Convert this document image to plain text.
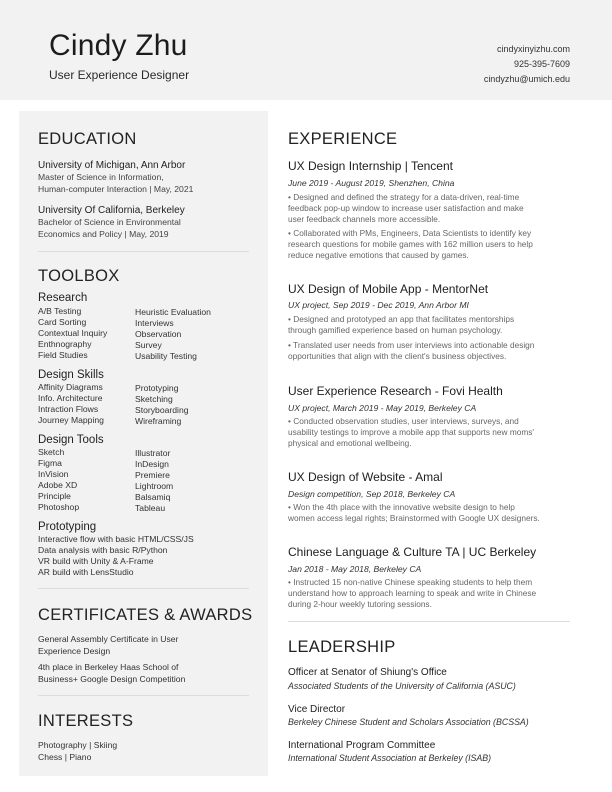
Cindy Zhu
User Experience Designer
cindyxinyizhu.com
925-395-7609
cindyzhu@umich.edu
EDUCATION
University of Michigan, Ann Arbor
Master of Science in Information,
Human-computer Interaction | May, 2021
University Of California, Berkeley
Bachelor of Science in Environmental
Economics and Policy | May, 2019
TOOLBOX
Research
A/B Testing
Card Sorting
Contextual Inquiry
Enthnography
Field Studies
Heuristic Evaluation
Interviews
Observation
Survey
Usability Testing
Design Skills
Affinity Diagrams
Info. Architecture
Intraction Flows
Journey Mapping
Prototyping
Sketching
Storyboarding
Wireframing
Design Tools
Sketch
Figma
InVision
Adobe XD
Principle
Photoshop
Illustrator
InDesign
Premiere
Lightroom
Balsamiq
Tableau
Prototyping
Interactive flow with basic HTML/CSS/JS
Data analysis with basic R/Python
VR build with Unity & A-Frame
AR build with LensStudio
CERTIFICATES & AWARDS
General Assembly Certificate in User
Experience Design
4th place in Berkeley Haas School of
Business+ Google Design Competition
INTERESTS
Photography | Skiing
Chess | Piano
EXPERIENCE
UX Design Internship | Tencent
June 2019 - August 2019, Shenzhen, China
• Designed and defined the strategy for a data-driven, real-time
feedback pop-up window to increase user satisfaction and make
user feedback channels more accessible.
• Collaborated with PMs, Engineers, Data Scientists to identify key
research questions for mobile games with 162 million users to help
reduce negative emotions that caused by games.
UX Design of Mobile App - MentorNet
UX project, Sep 2019 - Dec 2019, Ann Arbor MI
• Designed and prototyped an app that facilitates mentorships
through gamified experience based on human psychology.
• Translated user needs from user interviews into actionable design
opportunities that align with the client's business objectives.
User Experience Research - Fovi Health
UX project, March 2019 - May 2019, Berkeley CA
• Conducted observation studies, user interviews, surveys, and
usability testings to improve a mobile app that supports new moms'
physical and emotional wellbeing.
UX Design of Website - Amal
Design competition, Sep 2018, Berkeley CA
• Won the 4th place with the innovative website design to help
women access legal rights; Brainstormed with Google UX designers.
Chinese Language & Culture TA | UC Berkeley
Jan 2018 - May 2018, Berkeley CA
• Instructed 15 non-native Chinese speaking students to help them
understand how to approach learning to speak and write in Chinese
during 2-hour weekly tutoring sessions.
LEADERSHIP
Officer at Senator of Shiung's Office
Associated Students of the University of California (ASUC)
Vice Director
Berkeley Chinese Student and Scholars Association (BCSSA)
International Program Committee
International Student Association at Berkeley (ISAB)
